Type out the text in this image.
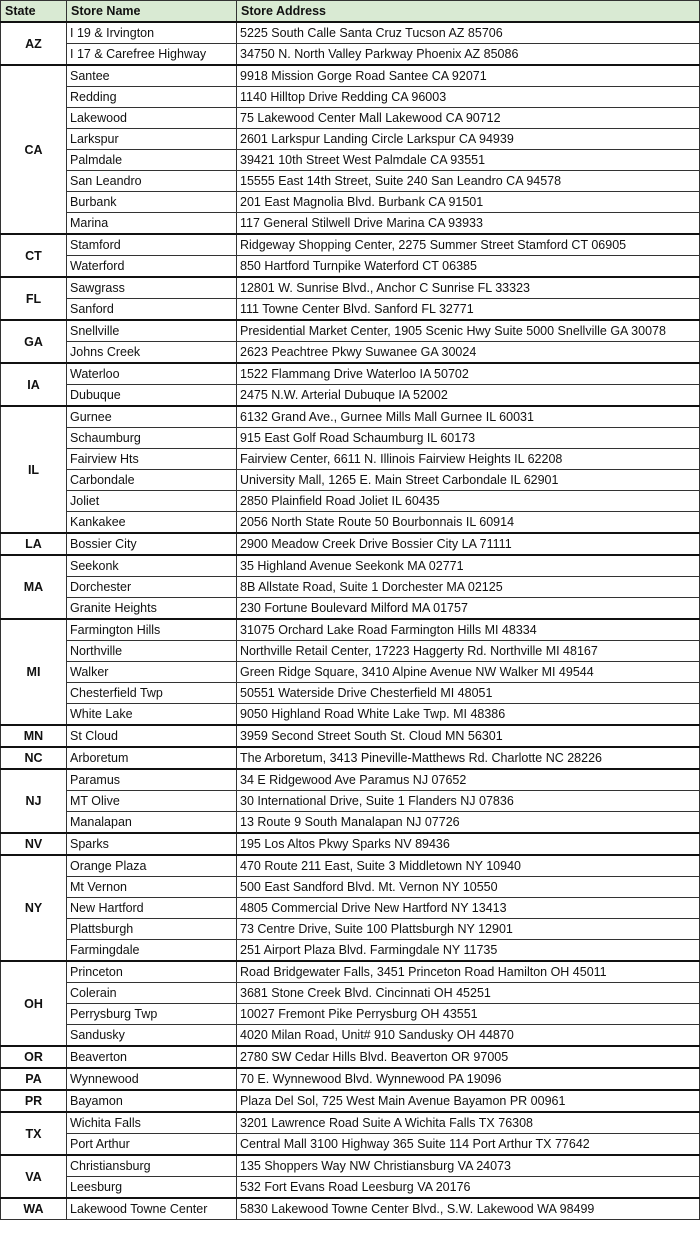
State	Store Name	Store Address
AZ	I 19 & Irvington	5225 South Calle Santa Cruz Tucson AZ 85706
	I 17 & Carefree Highway	34750 N. North Valley Parkway Phoenix AZ 85086
CA	Santee	9918 Mission Gorge Road Santee CA 92071
	Redding	1140 Hilltop Drive Redding CA 96003
	Lakewood	75 Lakewood Center Mall Lakewood CA 90712
	Larkspur	2601 Larkspur Landing Circle Larkspur CA 94939
	Palmdale	39421 10th Street West Palmdale CA 93551
	San Leandro	15555 East 14th Street, Suite 240 San Leandro CA 94578
	Burbank	201 East Magnolia Blvd. Burbank CA 91501
	Marina	117 General Stilwell Drive Marina CA 93933
CT	Stamford	Ridgeway Shopping Center, 2275 Summer Street Stamford CT 06905
	Waterford	850 Hartford Turnpike Waterford CT 06385
FL	Sawgrass	12801 W. Sunrise Blvd., Anchor C Sunrise FL 33323
	Sanford	111 Towne Center Blvd. Sanford FL 32771
GA	Snellville	Presidential Market Center, 1905 Scenic Hwy Suite 5000 Snellville GA 30078
	Johns Creek	2623 Peachtree Pkwy Suwanee GA 30024
IA	Waterloo	1522 Flammang Drive Waterloo IA 50702
	Dubuque	2475 N.W. Arterial Dubuque IA 52002
IL	Gurnee	6132 Grand Ave., Gurnee Mills Mall Gurnee IL 60031
	Schaumburg	915 East Golf Road Schaumburg IL 60173
	Fairview Hts	Fairview Center, 6611 N. Illinois Fairview Heights IL 62208
	Carbondale	University Mall, 1265 E. Main Street Carbondale IL 62901
	Joliet	2850 Plainfield Road Joliet IL 60435
	Kankakee	2056 North State Route 50 Bourbonnais IL 60914
LA	Bossier City	2900 Meadow Creek Drive Bossier City LA 71111
MA	Seekonk	35 Highland Avenue Seekonk MA 02771
	Dorchester	8B Allstate Road, Suite 1 Dorchester MA 02125
	Granite Heights	230 Fortune Boulevard Milford MA 01757
MI	Farmington Hills	31075 Orchard Lake Road Farmington Hills MI 48334
	Northville	Northville Retail Center, 17223 Haggerty Rd. Northville MI 48167
	Walker	Green Ridge Square, 3410 Alpine Avenue NW Walker MI 49544
	Chesterfield Twp	50551 Waterside Drive Chesterfield MI 48051
	White Lake	9050 Highland Road White Lake Twp. MI 48386
MN	St Cloud	3959 Second Street South St. Cloud MN 56301
NC	Arboretum	The Arboretum, 3413 Pineville-Matthews Rd. Charlotte NC 28226
NJ	Paramus	34 E Ridgewood Ave Paramus NJ 07652
	MT Olive	30 International Drive, Suite 1 Flanders NJ 07836
	Manalapan	13 Route 9 South Manalapan NJ 07726
NV	Sparks	195 Los Altos Pkwy Sparks NV 89436
NY	Orange Plaza	470 Route 211 East, Suite 3 Middletown NY 10940
	Mt Vernon	500 East Sandford Blvd. Mt. Vernon NY 10550
	New Hartford	4805 Commercial Drive New Hartford NY 13413
	Plattsburgh	73 Centre Drive, Suite 100 Plattsburgh NY 12901
	Farmingdale	251 Airport Plaza Blvd. Farmingdale NY 11735
OH	Princeton	Road Bridgewater Falls, 3451 Princeton Road Hamilton OH 45011
	Colerain	3681 Stone Creek Blvd. Cincinnati OH 45251
	Perrysburg Twp	10027 Fremont Pike Perrysburg OH 43551
	Sandusky	4020 Milan Road, Unit# 910 Sandusky OH 44870
OR	Beaverton	2780 SW Cedar Hills Blvd. Beaverton OR 97005
PA	Wynnewood	70 E. Wynnewood Blvd. Wynnewood PA 19096
PR	Bayamon	Plaza Del Sol, 725 West Main Avenue Bayamon PR 00961
TX	Wichita Falls	3201 Lawrence Road Suite A Wichita Falls TX 76308
	Port Arthur	Central Mall 3100 Highway 365 Suite 114 Port Arthur TX 77642
VA	Christiansburg	135 Shoppers Way NW Christiansburg VA 24073
	Leesburg	532 Fort Evans Road Leesburg VA 20176
WA	Lakewood Towne Center	5830 Lakewood Towne Center Blvd., S.W. Lakewood WA 98499
